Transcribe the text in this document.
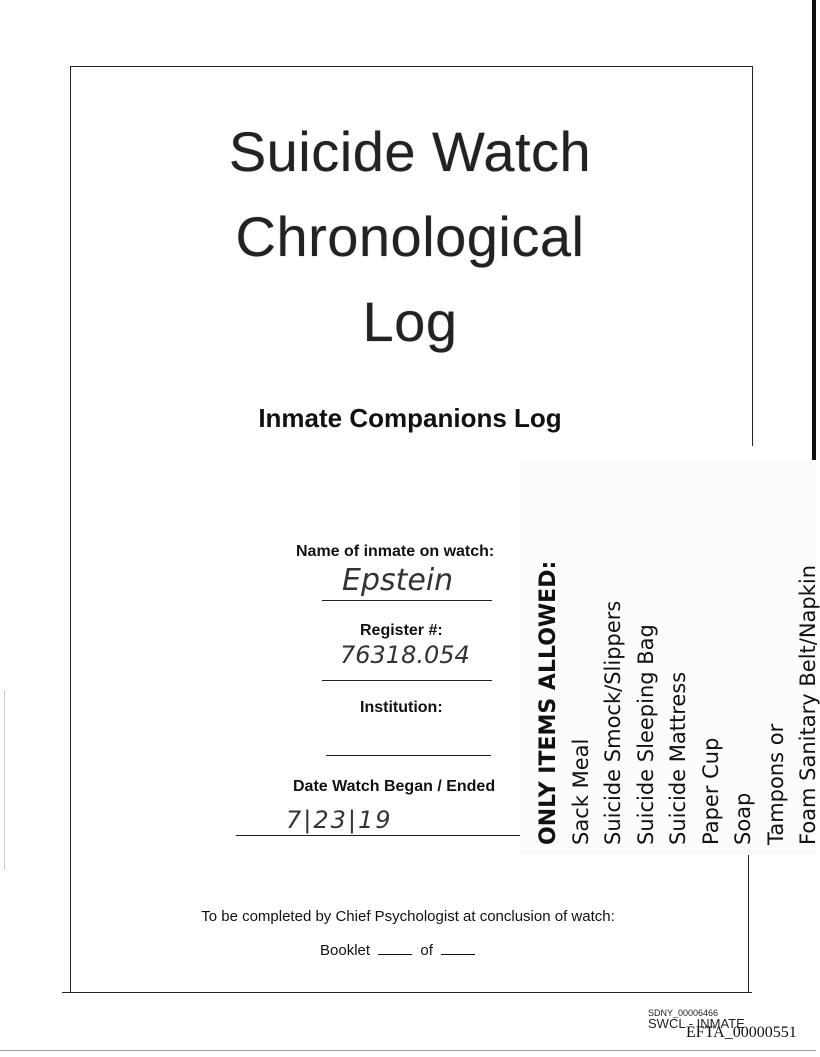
Suicide Watch
Chronological
Log
Inmate Companions Log
Name of inmate on watch:
Epstein
Register #:
76318.054
Institution:
Date Watch Began / Ended
7|23|19
To be completed by Chief Psychologist at conclusion of watch:
Booklet	of
ONLY ITEMS ALLOWED: Sack Meal Suicide Smock/Slippers Suicide Sleeping Bag Suicide Mattress Paper Cup Soap Tampons or Foam Sanitary Belt/Napkin
SDNY_00006466
SWCL - INMATE
EFTA_00000551
